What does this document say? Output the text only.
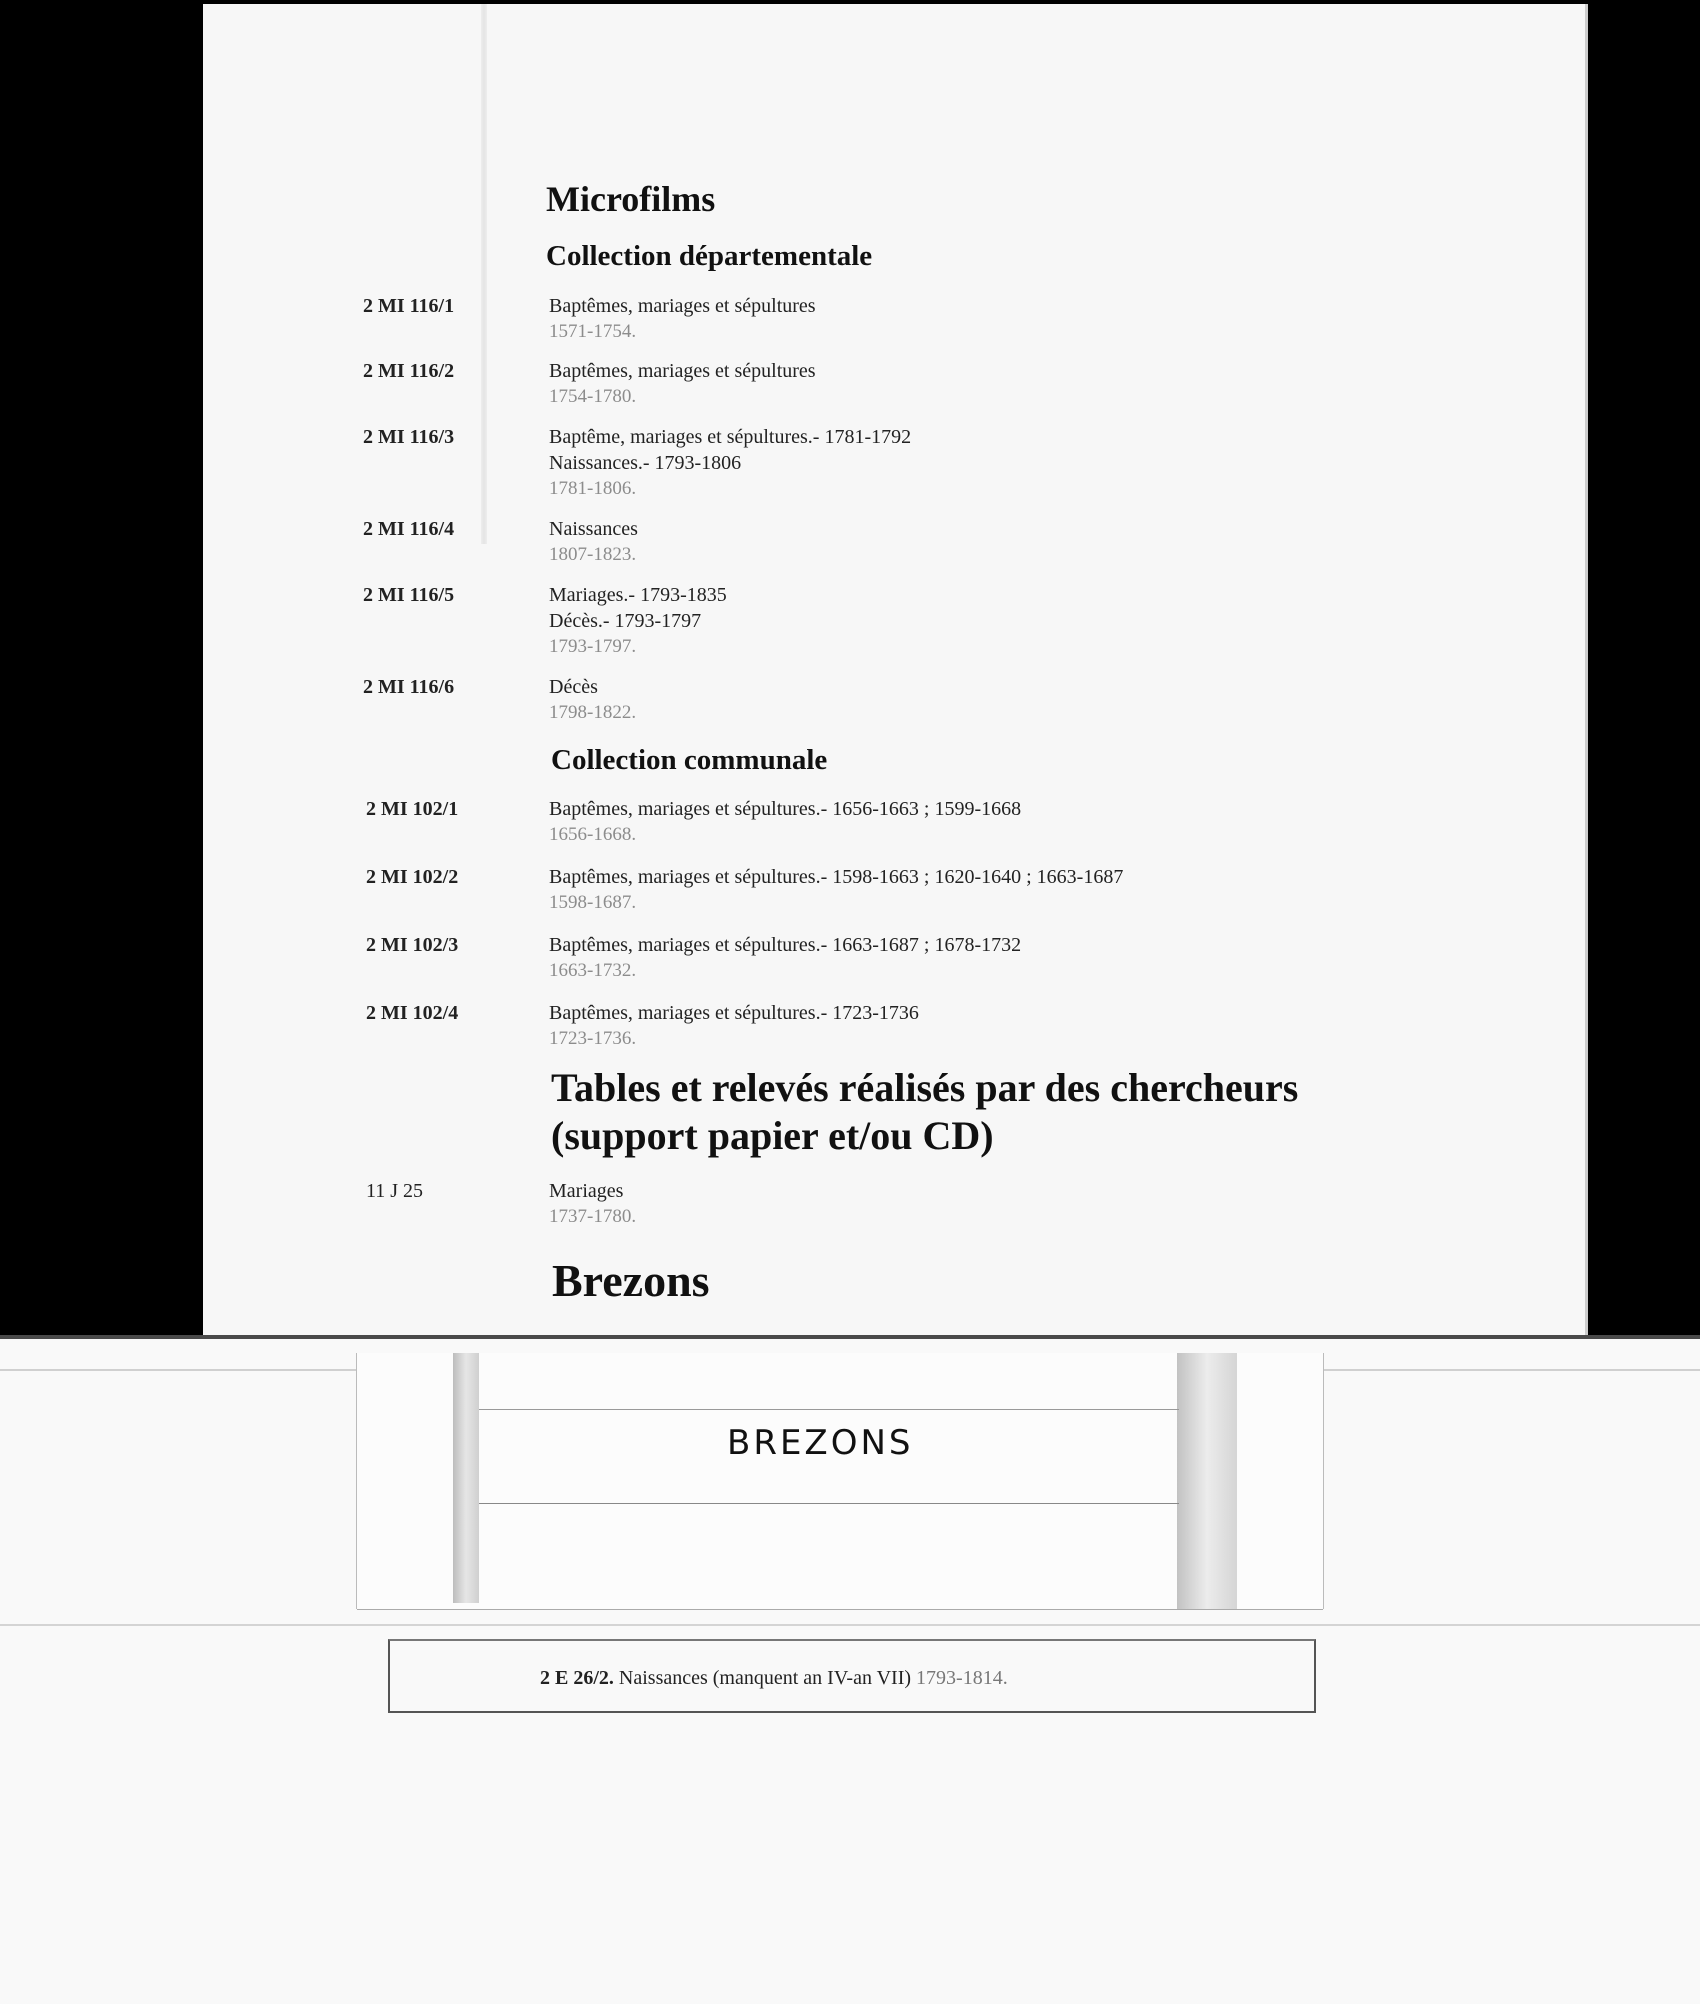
Microfilms
Collection départementale
2 MI 116/1	Baptêmes, mariages et sépultures
1571-1754.
2 MI 116/2	Baptêmes, mariages et sépultures
1754-1780.
2 MI 116/3	Baptême, mariages et sépultures.- 1781-1792
Naissances.- 1793-1806
1781-1806.
2 MI 116/4	Naissances
1807-1823.
2 MI 116/5	Mariages.- 1793-1835
Décès.- 1793-1797
1793-1797.
2 MI 116/6	Décès
1798-1822.
Collection communale
2 MI 102/1	Baptêmes, mariages et sépultures.- 1656-1663 ; 1599-1668
1656-1668.
2 MI 102/2	Baptêmes, mariages et sépultures.- 1598-1663 ; 1620-1640 ; 1663-1687
1598-1687.
2 MI 102/3	Baptêmes, mariages et sépultures.- 1663-1687 ; 1678-1732
1663-1732.
2 MI 102/4	Baptêmes, mariages et sépultures.- 1723-1736
1723-1736.
Tables et relevés réalisés par des chercheurs
(support papier et/ou CD)
11 J 25	Mariages
1737-1780.
Brezons
BREZONS
2 E 26/2. Naissances (manquent an IV-an VII) 1793-1814.
